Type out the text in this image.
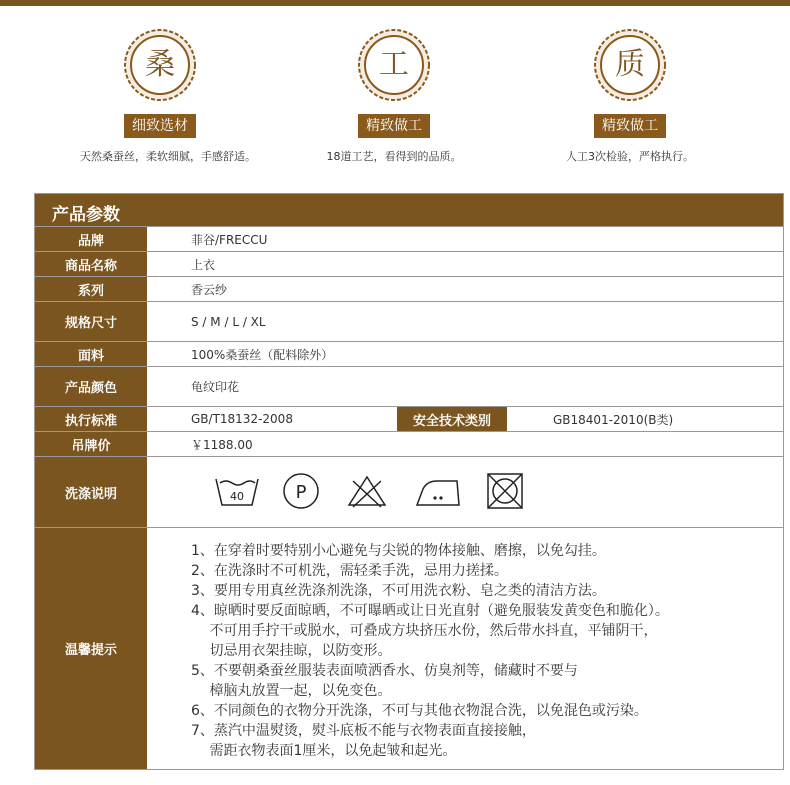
桑
细致选材
天然桑蚕丝，柔软细腻，手感舒适。
工
精致做工
18道工艺，看得到的品质。
质
精致做工
人工3次检验，严格执行。
产品参数
品牌	菲谷/FRECCU
商品名称	上衣
系列	香云纱
规格尺寸	S / M / L / XL
面料	100%桑蚕丝（配料除外）
产品颜色	龟纹印花
执行标准	GB/T18132-2008	安全技术类别	GB18401-2010(B类)
吊牌价	￥1188.00
洗涤说明	40	P
温馨提示
1、在穿着时要特别小心避免与尖锐的物体接触、磨擦，以免勾挂。
2、在洗涤时不可机洗，需轻柔手洗，忌用力搓揉。
3、要用专用真丝洗涤剂洗涤，不可用洗衣粉、皂之类的清洁方法。
4、晾晒时要反面晾晒，不可曝晒或让日光直射（避免服装发黄变色和脆化）。
　 不可用手拧干或脱水，可叠成方块挤压水份，然后带水抖直，平铺阴干，
　 切忌用衣架挂晾，以防变形。
5、不要朝桑蚕丝服装表面喷洒香水、仿臭剂等，储藏时不要与
　 樟脑丸放置一起，以免变色。
6、不同颜色的衣物分开洗涤，不可与其他衣物混合洗，以免混色或污染。
7、蒸汽中温熨烫，熨斗底板不能与衣物表面直接接触，
　 需距衣物表面1厘米，以免起皱和起光。
